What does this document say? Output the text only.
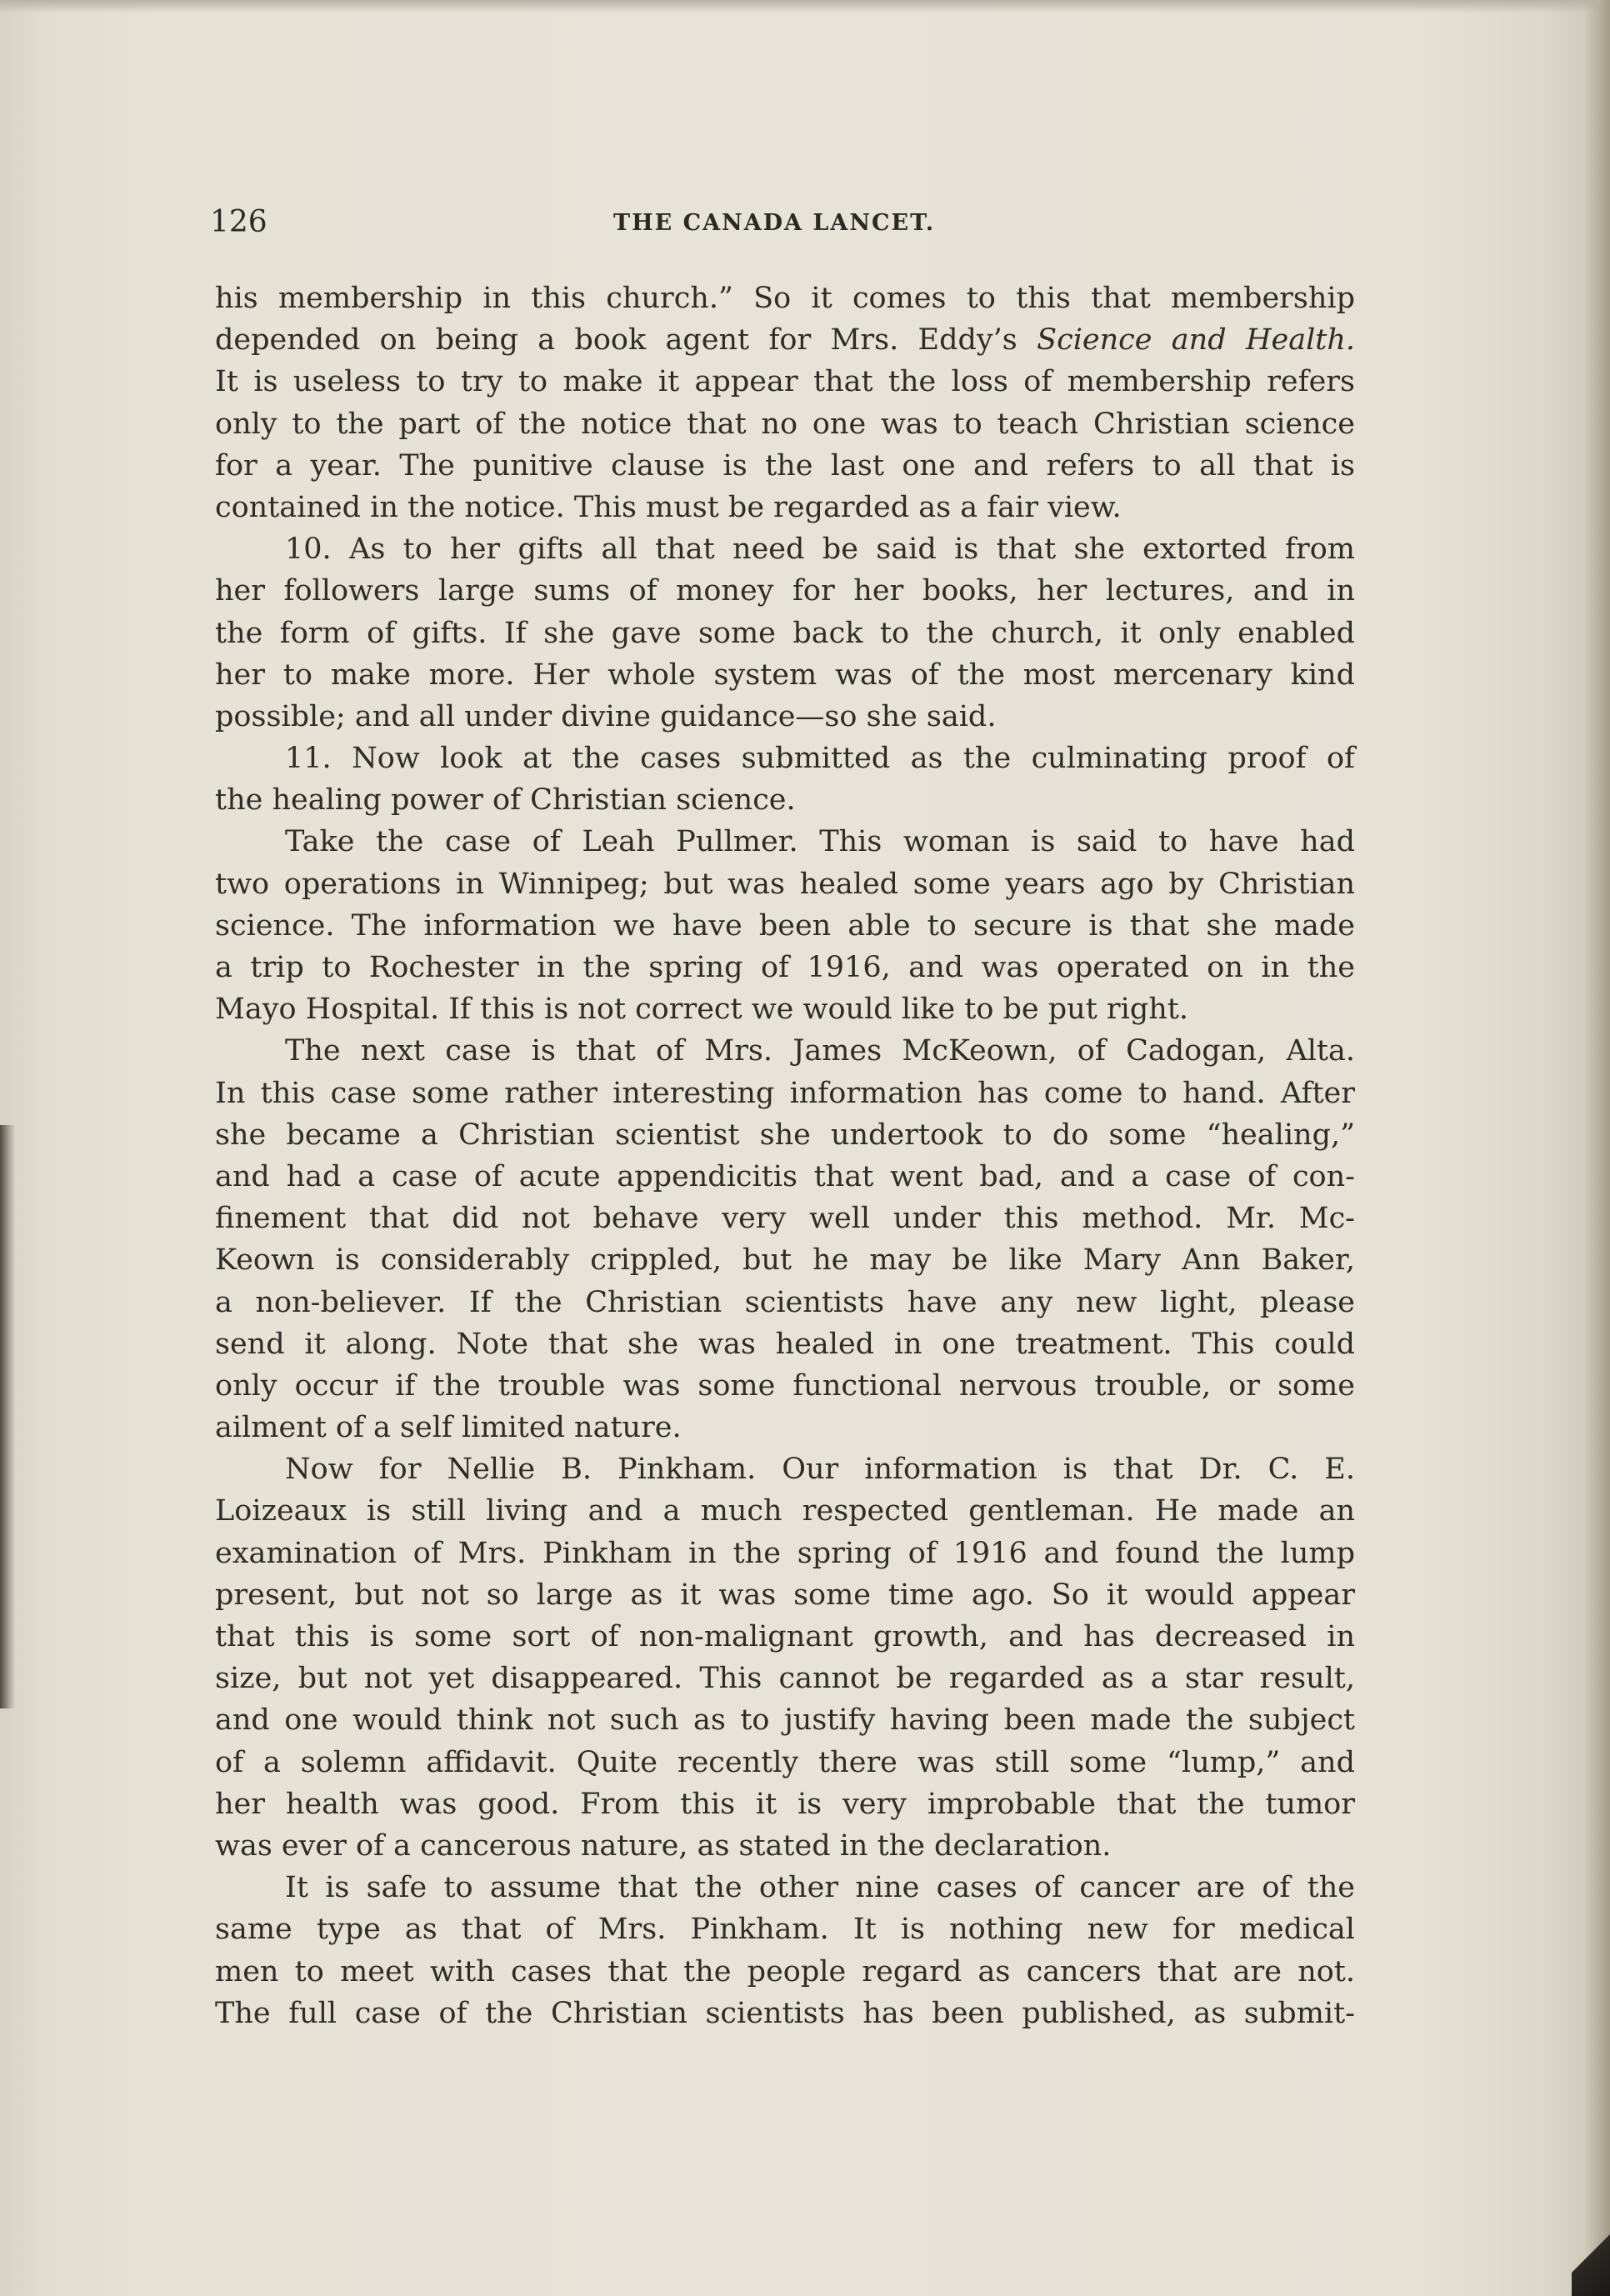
126	THE CANADA LANCET.
his membership in this church.” So it comes to this that membership
depended on being a book agent for Mrs. Eddy’s Science and Health.
It is useless to try to make it appear that the loss of membership refers
only to the part of the notice that no one was to teach Christian science
for a year. The punitive clause is the last one and refers to all that is
contained in the notice. This must be regarded as a fair view.
10. As to her gifts all that need be said is that she extorted from
her followers large sums of money for her books, her lectures, and in
the form of gifts. If she gave some back to the church, it only enabled
her to make more. Her whole system was of the most mercenary kind
possible; and all under divine guidance—so she said.
11. Now look at the cases submitted as the culminating proof of
the healing power of Christian science.
Take the case of Leah Pullmer. This woman is said to have had
two operations in Winnipeg; but was healed some years ago by Christian
science. The information we have been able to secure is that she made
a trip to Rochester in the spring of 1916, and was operated on in the
Mayo Hospital. If this is not correct we would like to be put right.
The next case is that of Mrs. James McKeown, of Cadogan, Alta.
In this case some rather interesting information has come to hand. After
she became a Christian scientist she undertook to do some “healing,”
and had a case of acute appendicitis that went bad, and a case of con-
finement that did not behave very well under this method. Mr. Mc-
Keown is considerably crippled, but he may be like Mary Ann Baker,
a non-believer. If the Christian scientists have any new light, please
send it along. Note that she was healed in one treatment. This could
only occur if the trouble was some functional nervous trouble, or some
ailment of a self limited nature.
Now for Nellie B. Pinkham. Our information is that Dr. C. E.
Loizeaux is still living and a much respected gentleman. He made an
examination of Mrs. Pinkham in the spring of 1916 and found the lump
present, but not so large as it was some time ago. So it would appear
that this is some sort of non-malignant growth, and has decreased in
size, but not yet disappeared. This cannot be regarded as a star result,
and one would think not such as to justify having been made the subject
of a solemn affidavit. Quite recently there was still some “lump,” and
her health was good. From this it is very improbable that the tumor
was ever of a cancerous nature, as stated in the declaration.
It is safe to assume that the other nine cases of cancer are of the
same type as that of Mrs. Pinkham. It is nothing new for medical
men to meet with cases that the people regard as cancers that are not.
The full case of the Christian scientists has been published, as submit-
